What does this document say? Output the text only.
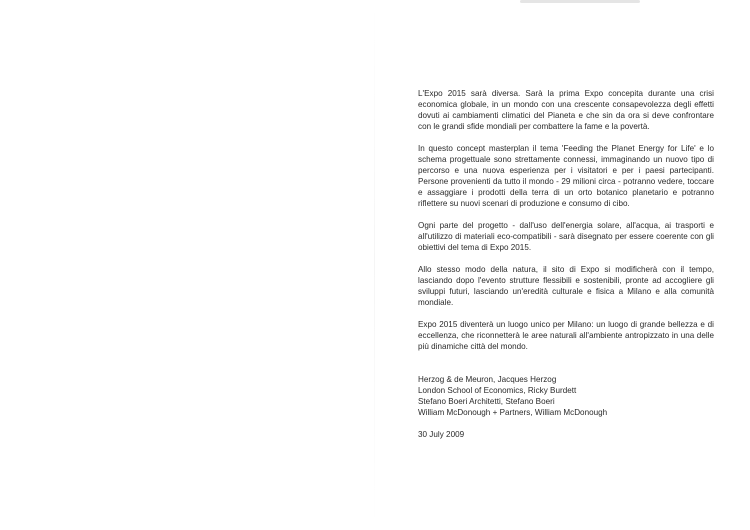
L'Expo 2015 sarà diversa. Sarà la prima Expo concepita durante una crisi economica globale, in un mondo con una crescente consapevolezza degli effetti dovuti ai cambiamenti climatici del Pianeta e che sin da ora si deve confrontare con le grandi sfide mondiali per combattere la fame e la povertà.

In questo concept masterplan il tema 'Feeding the Planet Energy for Life' e lo schema progettuale sono strettamente connessi, immaginando un nuovo tipo di percorso e una nuova esperienza per i visitatori e per i paesi partecipanti. Persone provenienti da tutto il mondo - 29 milioni circa - potranno vedere, toccare e assaggiare i prodotti della terra di un orto botanico planetario e potranno riflettere su nuovi scenari di produzione e consumo di cibo.

Ogni parte del progetto - dall'uso dell'energia solare, all'acqua, ai trasporti e all'utilizzo di materiali eco-compatibili - sarà disegnato per essere coerente con gli obiettivi del tema di Expo 2015.

Allo stesso modo della natura, il sito di Expo si modificherà con il tempo, lasciando dopo l'evento strutture flessibili e sostenibili, pronte ad accogliere gli sviluppi futuri, lasciando un'eredità culturale e fisica a Milano e alla comunità mondiale.

Expo 2015 diventerà un luogo unico per Milano: un luogo di grande bellezza e di eccellenza, che riconnetterà le aree naturali all'ambiente antropizzato in una delle più dinamiche città del mondo.

Herzog & de Meuron, Jacques Herzog
London School of Economics, Ricky Burdett
Stefano Boeri Architetti, Stefano Boeri
William McDonough + Partners, William McDonough
30 July 2009
